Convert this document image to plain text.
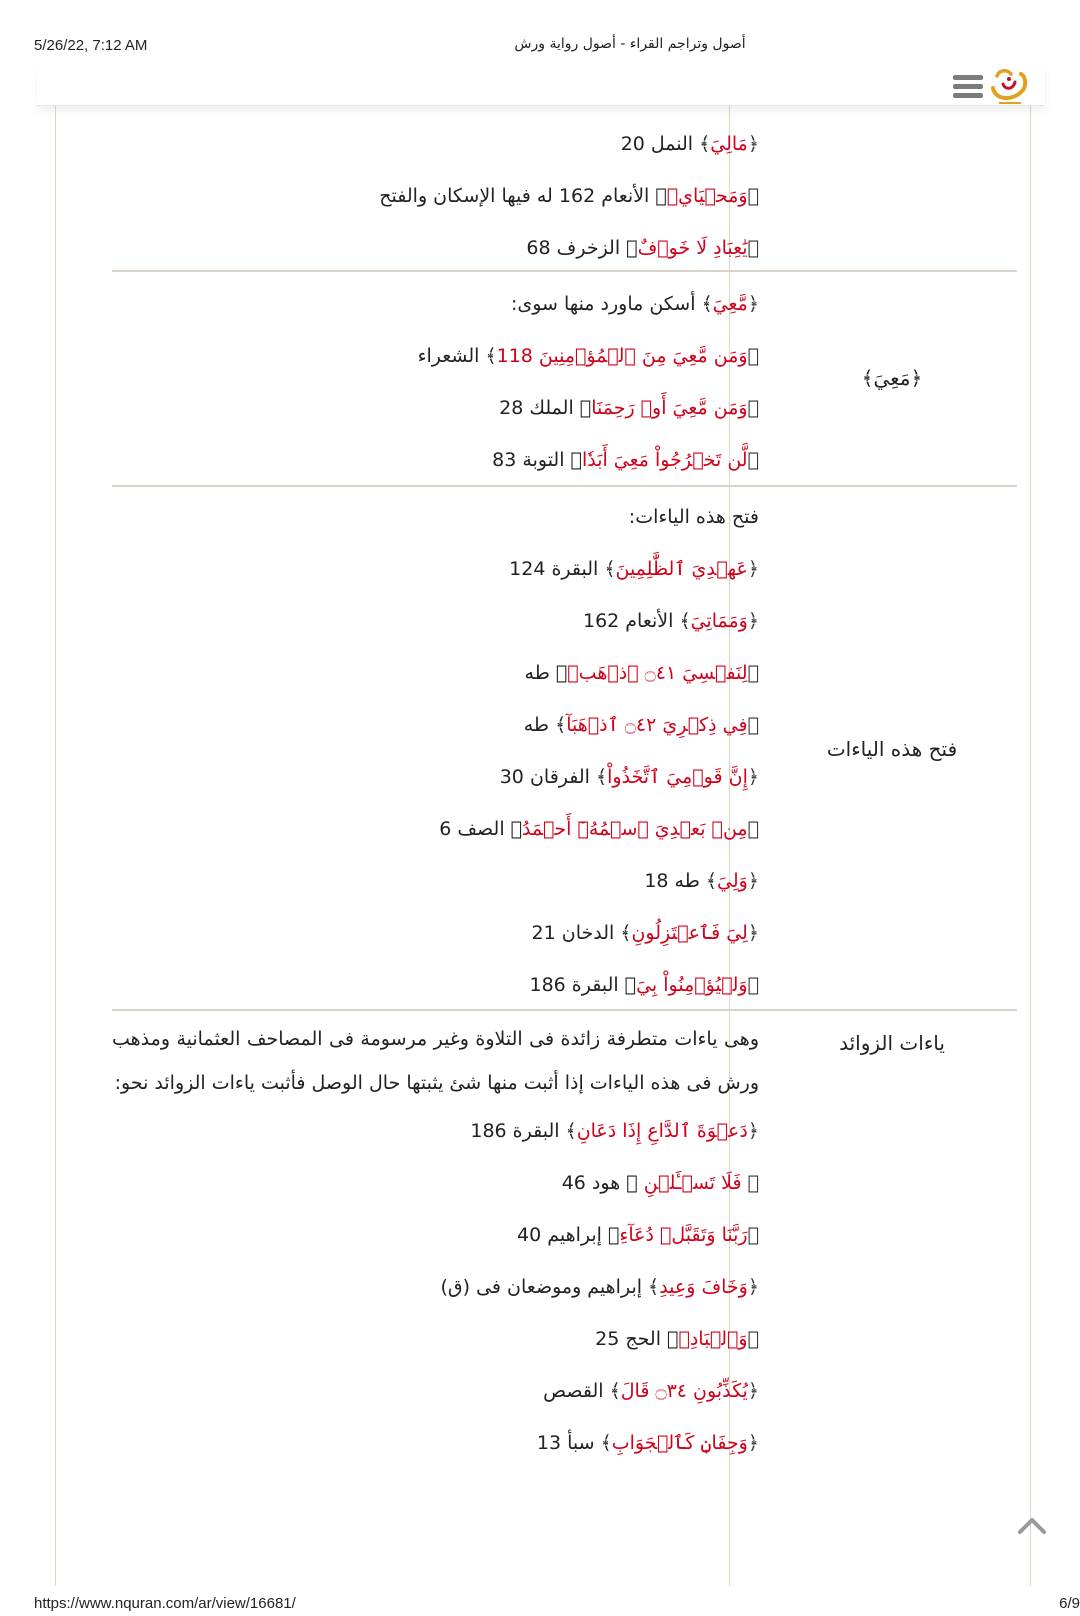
5/26/22, 7:12 AM	أصول وتراجم القراء - أصول رواية ورش
﴿مَالِيَ﴾ النمل 20
﴿وَمَحۡيَايۡ﴾ الأنعام 162 له فيها الإسكان والفتح
﴿يَٰعِبَادِ لَا خَوۡفٌ﴾ الزخرف 68
﴿مَعِيَ﴾
﴿مَّعِيَ﴾ أسكن ماورد منها سوى:
﴿وَمَن مَّعِيَ مِنَ ٱلۡمُؤۡمِنِينَ 118﴾ الشعراء
﴿وَمَن مَّعِيَ أَوۡ رَحِمَنَا﴾ الملك 28
﴿لَّن تَخۡرُجُواْ مَعِيَ أَبَدٗا﴾ التوبة 83
فتح هذه الياءات
فتح هذه الياءات:
﴿عَهۡدِيَ ٱلظَّٰلِمِينَ﴾ البقرة 124
﴿وَمَمَاتِيَ﴾ الأنعام 162
﴿لِنَفۡسِيَ ۝٤١ ٱذۡهَبۡ﴾ طه
﴿فِي ذِكۡرِيَ ۝٤٢ ٱذۡهَبَآ﴾ طه
﴿إِنَّ قَوۡمِيَ ٱتَّخَذُواْ﴾ الفرقان 30
﴿مِنۢ بَعۡدِيَ ٱسۡمُهُۥٓ أَحۡمَدُ﴾ الصف 6
﴿وَلِيَ﴾ طه 18
﴿لِيَ فَٱعۡتَزِلُونِ﴾ الدخان 21
﴿وَلۡيُؤۡمِنُواْ بِيَ﴾ البقرة 186
ياءات الزوائد
وهى ياءات متطرفة زائدة فى التلاوة وغير مرسومة فى المصاحف العثمانية ومذهب ورش فى هذه الياءات إذا أثبت منها شئ يثبتها حال الوصل فأثبت ياءات الزوائد نحو:
﴿دَعۡوَةَ ٱلدَّاعِ إِذَا دَعَانِ﴾ البقرة 186
﴿ فَلَا تَسۡـَٔلۡنِ ﴾ هود 46
﴿رَبَّنَا وَتَقَبَّلۡ دُعَآءِ﴾ إبراهيم 40
﴿وَخَافَ وَعِيدِ﴾ إبراهيم وموضعان فى (ق)
﴿وَٱلۡبَادِۚ﴾ الحج 25
﴿يُكَذِّبُونِ ۝٣٤ قَالَ﴾ القصص
﴿وَجِفَانٖ كَٱلۡجَوَابِ﴾ سبأ 13
https://www.nquran.com/ar/view/16681/	6/9
